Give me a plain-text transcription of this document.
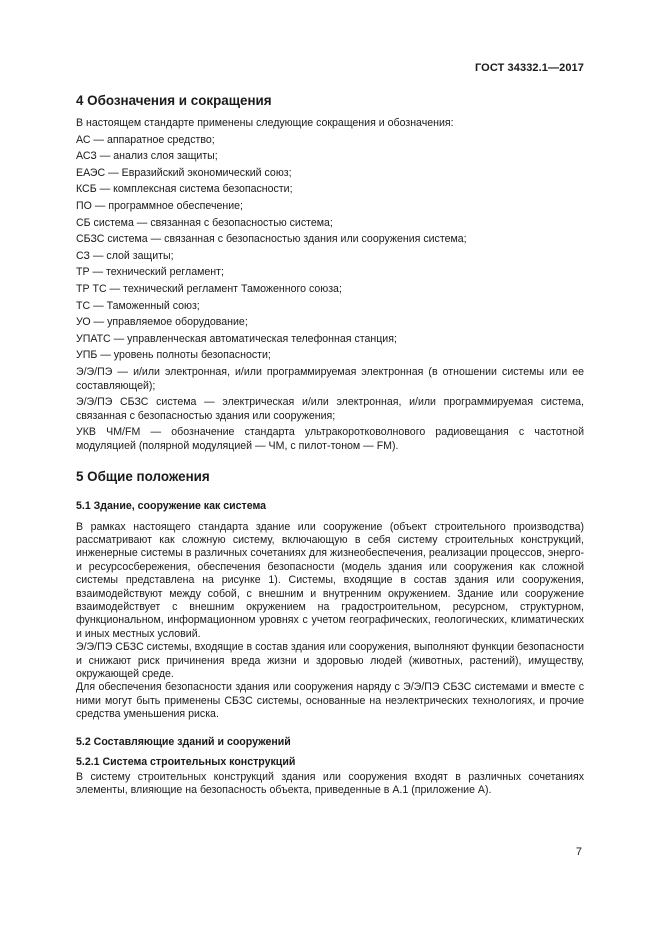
ГОСТ 34332.1—2017
4 Обозначения и сокращения

В настоящем стандарте применены следующие сокращения и обозначения:

АС — аппаратное средство;

АСЗ — анализ слоя защиты;

ЕАЭС — Евразийский экономический союз;

КСБ — комплексная система безопасности;

ПО — программное обеспечение;

СБ система — связанная с безопасностью система;

СБЗС система — связанная с безопасностью здания или сооружения система;

СЗ — слой защиты;

ТР — технический регламент;

ТР ТС — технический регламент Таможенного союза;

ТС — Таможенный союз;

УО — управляемое оборудование;

УПАТС — управленческая автоматическая телефонная станция;

УПБ — уровень полноты безопасности;

Э/Э/ПЭ — и/или электронная, и/или программируемая электронная (в отношении системы или ее составляющей);

Э/Э/ПЭ СБЗС система — электрическая и/или электронная, и/или программируемая система, связанная с безопасностью здания или сооружения;

УКВ ЧМ/FM — обозначение стандарта ультракоротковолнового радиовещания с частотной модуляцией (полярной модуляцией — ЧМ, с пилот-тоном — FM).

5 Общие положения
5.1 Здание, сооружение как система

В рамках настоящего стандарта здание или сооружение (объект строительного производства) рассматривают как сложную систему, включающую в себя систему строительных конструкций, инженерные системы в различных сочетаниях для жизнеобеспечения, реализации процессов, энерго- и ресурсосбережения, обеспечения безопасности (модель здания или сооружения как сложной системы представлена на рисунке 1). Системы, входящие в состав здания или сооружения, взаимодействуют между собой, с внешним и внутренним окружением. Здание или сооружение взаимодействует с внешним окружением на градостроительном, ресурсном, структурном, функциональном, информационном уровнях с учетом географических, геологических, климатических и иных местных условий.

Э/Э/ПЭ СБЗС системы, входящие в состав здания или сооружения, выполняют функции безопасности и снижают риск причинения вреда жизни и здоровью людей (животных, растений), имуществу, окружающей среде.

Для обеспечения безопасности здания или сооружения наряду с Э/Э/ПЭ СБЗС системами и вместе с ними могут быть применены СБЗС системы, основанные на неэлектрических технологиях, и прочие средства уменьшения риска.

5.2 Составляющие зданий и сооружений
5.2.1 Система строительных конструкций

В систему строительных конструкций здания или сооружения входят в различных сочетаниях элементы, влияющие на безопасность объекта, приведенные в А.1 (приложение А).

7
